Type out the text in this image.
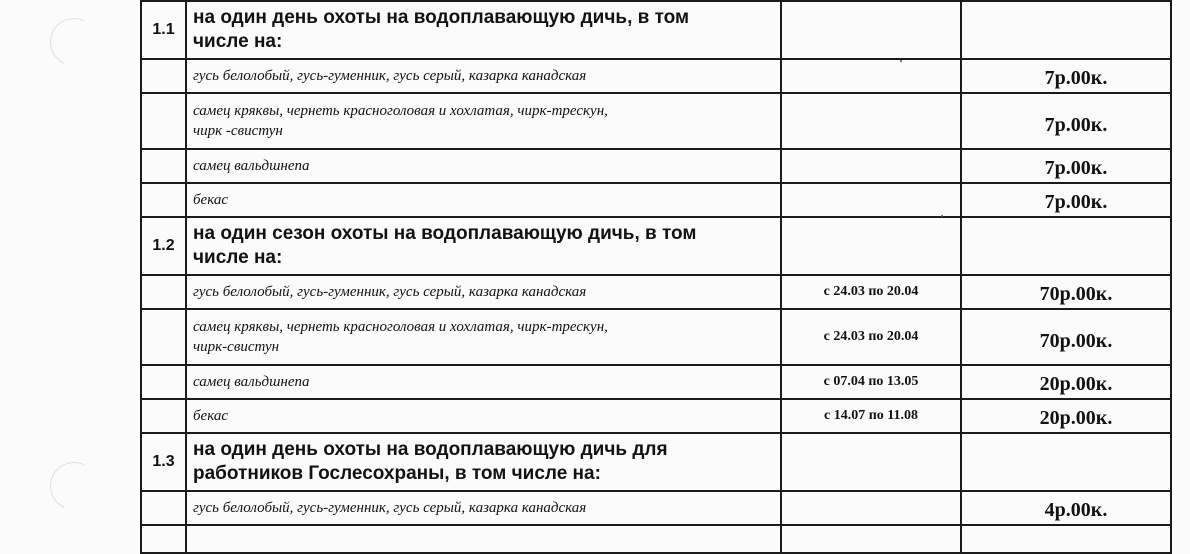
1.1	на один день охоты на водоплавающую дичь, в том
числе на:		
	гусь белолобый, гусь-гуменник, гусь серый, казарка канадская		7р.00к.
	самец кряквы, чернеть красноголовая и хохлатая, чирк-трескун,
чирк -свистун		7р.00к.
	самец вальдшнепа		7р.00к.
	бекас		7р.00к.
1.2	на один сезон охоты на водоплавающую дичь, в том
числе на:		
	гусь белолобый, гусь-гуменник, гусь серый, казарка канадская	с 24.03 по 20.04	70р.00к.
	самец кряквы, чернеть красноголовая и хохлатая, чирк-трескун,
чирк-свистун	с 24.03 по 20.04	70р.00к.
	самец вальдшнепа	с 07.04 по 13.05	20р.00к.
	бекас	с 14.07 по 11.08	20р.00к.
1.3	на один день охоты на водоплавающую дичь для
работников Гослесохраны, в том числе на:		
	гусь белолобый, гусь-гуменник, гусь серый, казарка канадская		4р.00к.
